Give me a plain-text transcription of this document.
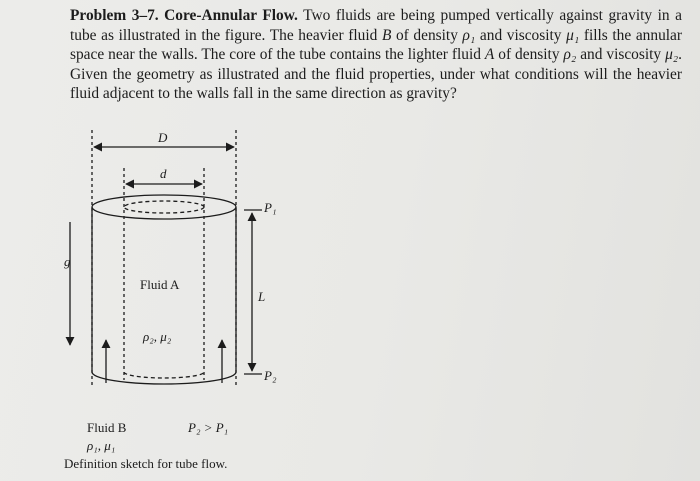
Problem 3–7. Core-Annular Flow. Two fluids are being pumped vertically against gravity in a tube as illustrated in the figure. The heavier fluid B of density ρ₁ and viscosity μ₁ fills the annular space near the walls. The core of the tube contains the lighter fluid A of density ρ₂ and viscosity μ₂. Given the geometry as illustrated and the fluid properties, under what conditions will the heavier fluid adjacent to the walls fall in the same direction as gravity?

D
d
g
Fluid A
ρ₂, μ₂
P₁
L
P₂
Fluid B	P₂ > P₁
ρ₁, μ₁
Definition sketch for tube flow.
